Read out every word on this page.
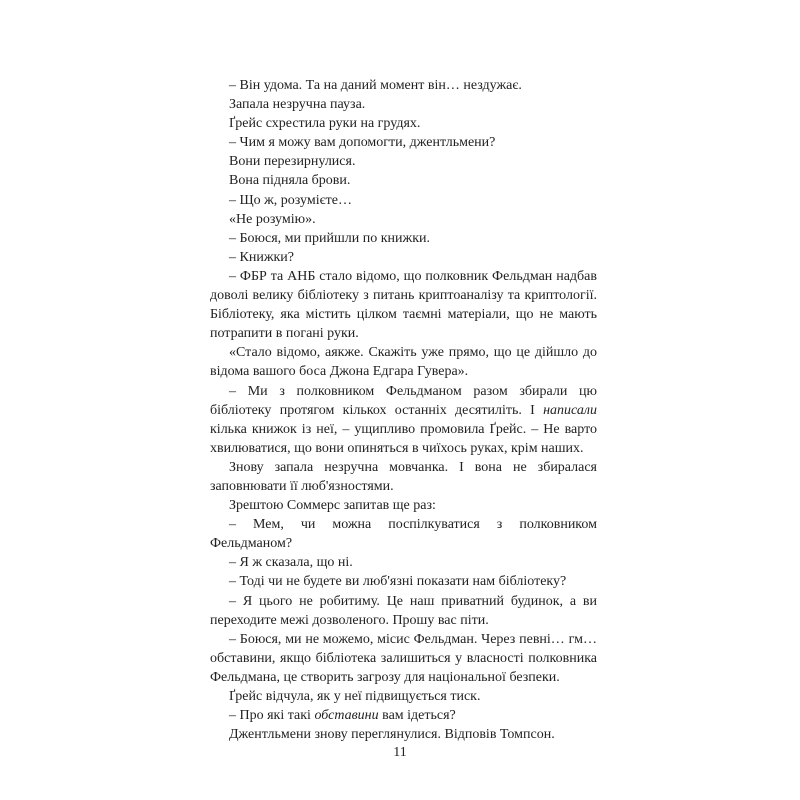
– Він удома. Та на даний момент він… нездужає.

Запала незручна пауза.

Ґрейс схрестила руки на грудях.

– Чим я можу вам допомогти, джентльмени?

Вони перезирнулися.

Вона підняла брови.

– Що ж, розумієте…

«Не розумію».

– Боюся, ми прийшли по книжки.

– Книжки?

– ФБР та АНБ стало відомо, що полковник Фельдман надбав доволі велику бібліотеку з питань криптоаналізу та криптології. Бібліотеку, яка містить цілком таємні матеріали, що не мають потрапити в погані руки.

«Стало відомо, аякже. Скажіть уже прямо, що це дійшло до відома вашого боса Джона Едгара Гувера».

– Ми з полковником Фельдманом разом збирали цю бібліотеку протягом кількох останніх десятиліть. І написали кілька книжок із неї, – ущипливо промовила Ґрейс. – Не варто хвилюватися, що вони опиняться в чиїхось руках, крім наших.

Знову запала незручна мовчанка. І вона не збиралася заповнювати її люб'язностями.

Зрештою Соммерс запитав ще раз:

– Мем, чи можна поспілкуватися з полковником Фельдманом?

– Я ж сказала, що ні.

– Тоді чи не будете ви люб'язні показати нам бібліотеку?

– Я цього не робитиму. Це наш приватний будинок, а ви переходите межі дозволеного. Прошу вас піти.

– Боюся, ми не можемо, місис Фельдман. Через певні… гм… обставини, якщо бібліотека залишиться у власності полковника Фельдмана, це створить загрозу для національної безпеки.

Ґрейс відчула, як у неї підвищується тиск.

– Про які такі обставини вам ідеться?

Джентльмени знову переглянулися. Відповів Томпсон.

11
